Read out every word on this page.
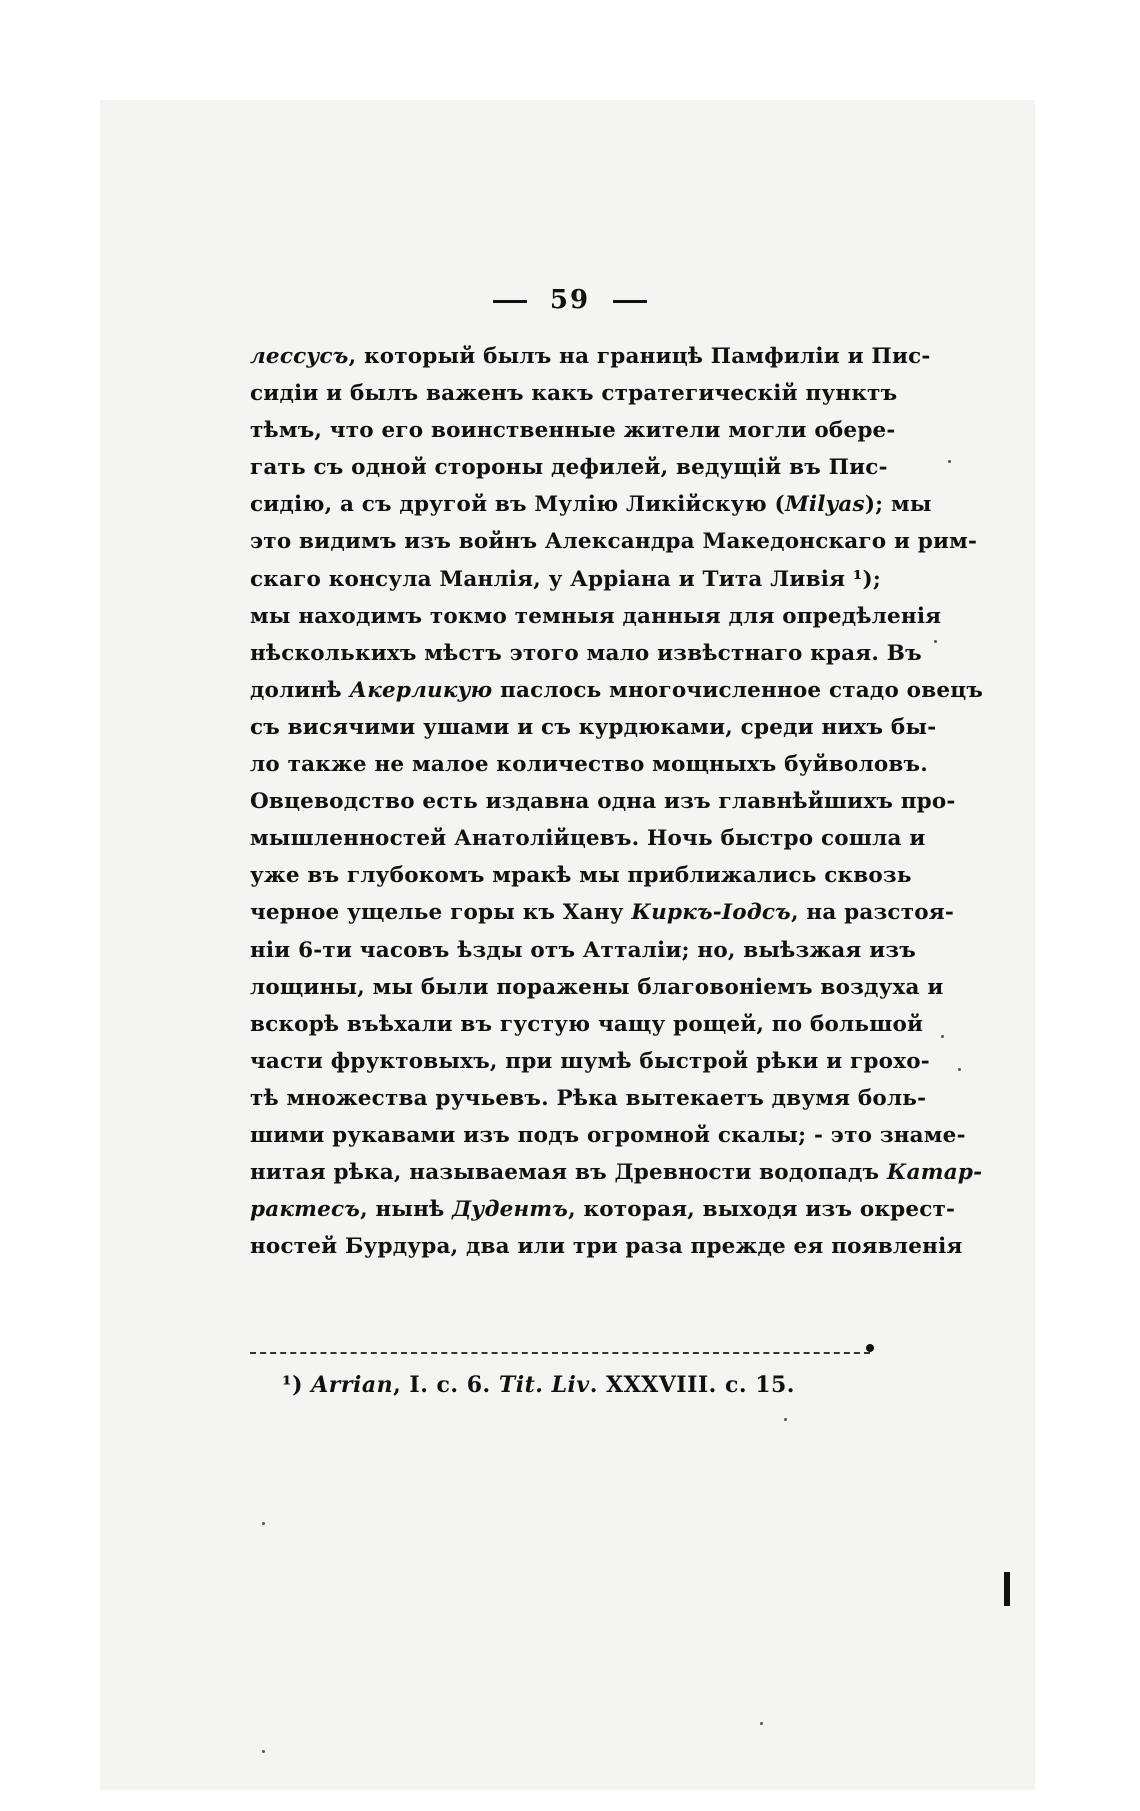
59
лессусъ, который былъ на границѣ Памфиліи и Пис-
сидіи и былъ важенъ какъ стратегическій пунктъ
тѣмъ, что его воинственные жители могли обере-
гать съ одной стороны дефилей, ведущій въ Пис-
сидію, а съ другой въ Мулію Ликійскую (Milyas); мы
это видимъ изъ войнъ Александра Македонскаго и рим-
скаго консула Манлія, у Арріана и Тита Ливія ¹);
мы находимъ токмо темныя данныя для опредѣленія
нѣсколькихъ мѣстъ этого мало извѣстнаго края. Въ
долинѣ Акерликую паслось многочисленное стадо овецъ
съ висячими ушами и съ курдюками, среди нихъ бы-
ло также не малое количество мощныхъ буйволовъ.
Овцеводство есть издавна одна изъ главнѣйшихъ про-
мышленностей Анатолійцевъ. Ночь быстро сошла и
уже въ глубокомъ мракѣ мы приближались сквозь
черное ущелье горы къ Хану Киркъ-Іодсъ, на разстоя-
ніи 6-ти часовъ ѣзды отъ Атталіи; но, выѣзжая изъ
лощины, мы были поражены благовоніемъ воздуха и
вскорѣ въѣхали въ густую чащу рощей, по большой
части фруктовыхъ, при шумѣ быстрой рѣки и грохо-
тѣ множества ручьевъ. Рѣка вытекаетъ двумя боль-
шими рукавами изъ подъ огромной скалы; - это знаме-
нитая рѣка, называемая въ Древности водопадъ Катар-
рактесъ, нынѣ Дудентъ, которая, выходя изъ окрест-
ностей Бурдура, два или три раза прежде ея появленія
¹) Arrian, I. c. 6. Tit. Liv. XXXVIII. c. 15.
